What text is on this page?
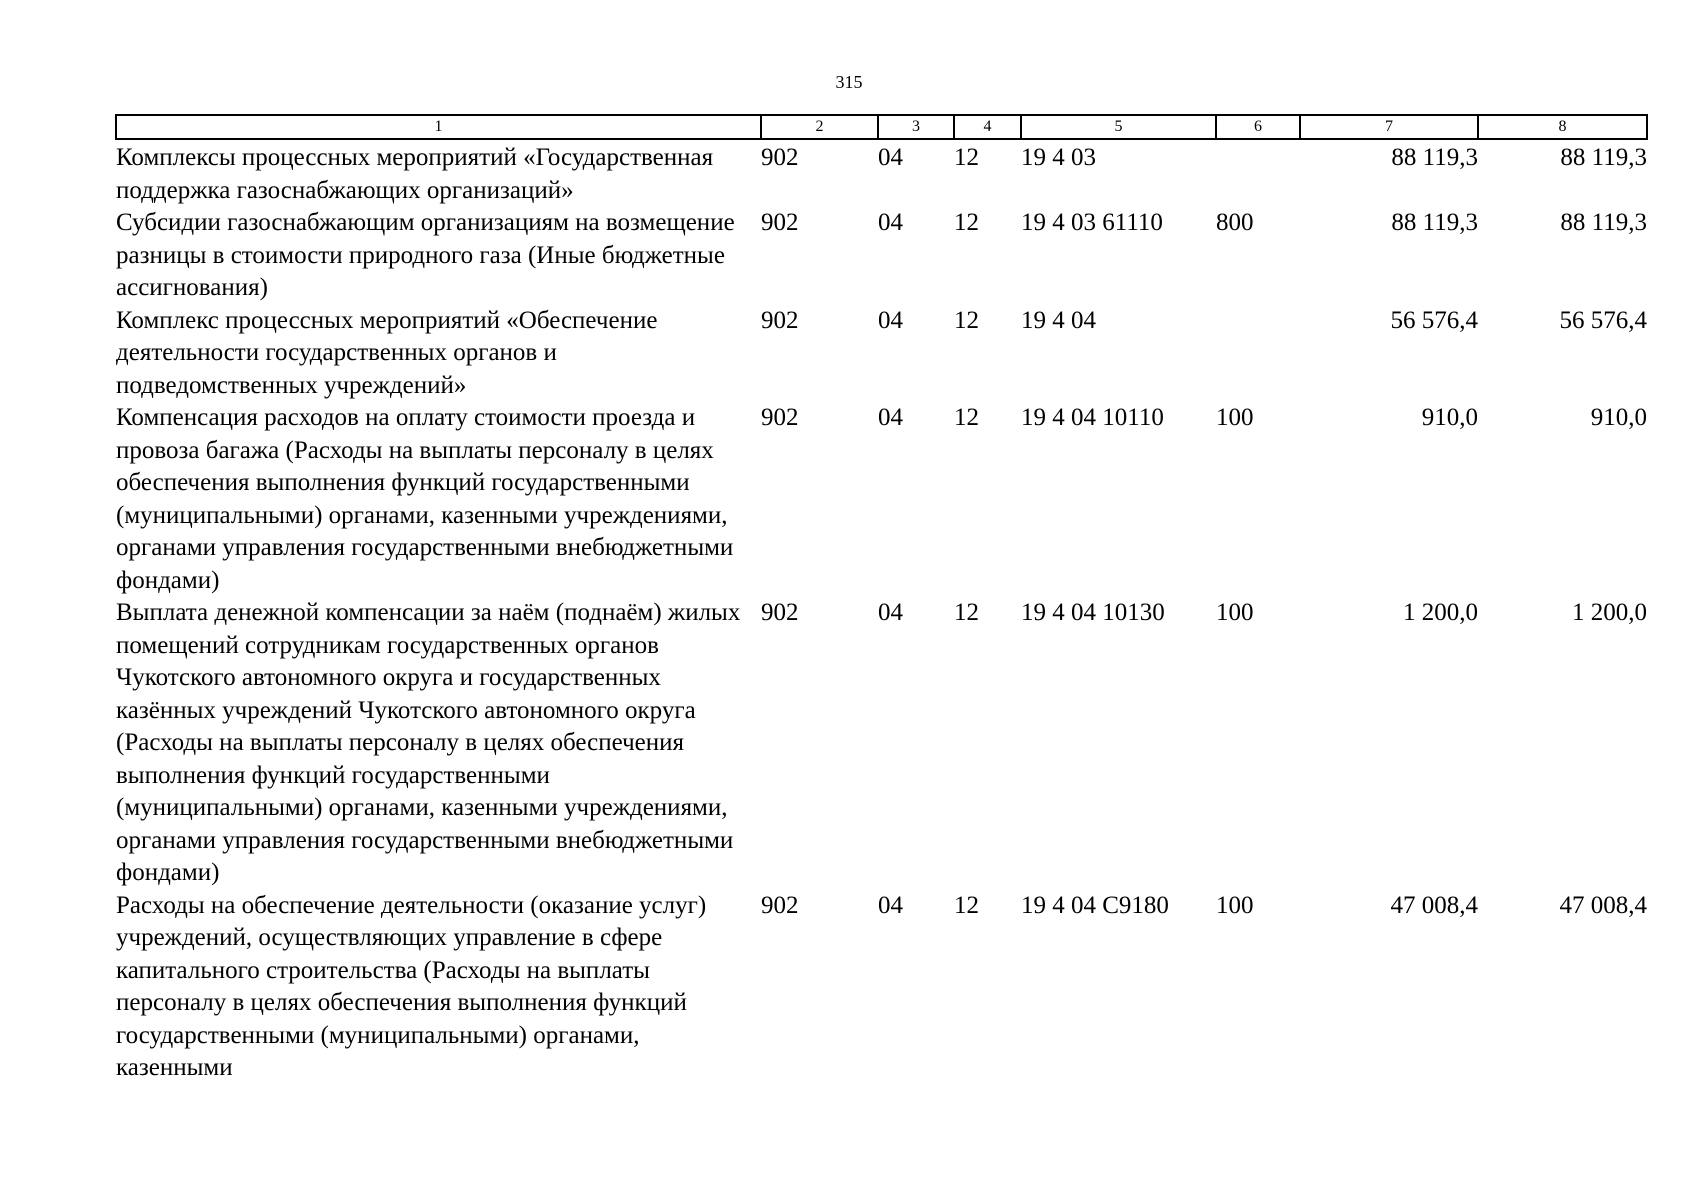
315
1	2	3	4	5	6	7	8
Комплексы процессных мероприятий «Государственная поддержка газоснабжающих организаций»	902	04	12	19 4 03		88 119,3	88 119,3
Субсидии газоснабжающим организациям на возмещение разницы в стоимости природного газа (Иные бюджетные ассигнования)	902	04	12	19 4 03 61110	800	88 119,3	88 119,3
Комплекс процессных мероприятий «Обеспечение деятельности государственных органов и подведомственных учреждений»	902	04	12	19 4 04		56 576,4	56 576,4
Компенсация расходов на оплату стоимости проезда и провоза багажа (Расходы на выплаты персоналу в целях обеспечения выполнения функций государственными (муниципальными) органами, казенными учреждениями, органами управления государственными внебюджетными фондами)	902	04	12	19 4 04 10110	100	910,0	910,0
Выплата денежной компенсации за наём (поднаём) жилых помещений сотрудникам государственных органов Чукотского автономного округа и государственных казённых учреждений Чукотского автономного округа (Расходы на выплаты персоналу в целях обеспечения выполнения функций государственными (муниципальными) органами, казенными учреждениями, органами управления государственными внебюджетными фондами)	902	04	12	19 4 04 10130	100	1 200,0	1 200,0
Расходы на обеспечение деятельности (оказание услуг) учреждений, осуществляющих управление в сфере капитального строительства (Расходы на выплаты персоналу в целях обеспечения выполнения функций государственными (муниципальными) органами, казенными	902	04	12	19 4 04 С9180	100	47 008,4	47 008,4
